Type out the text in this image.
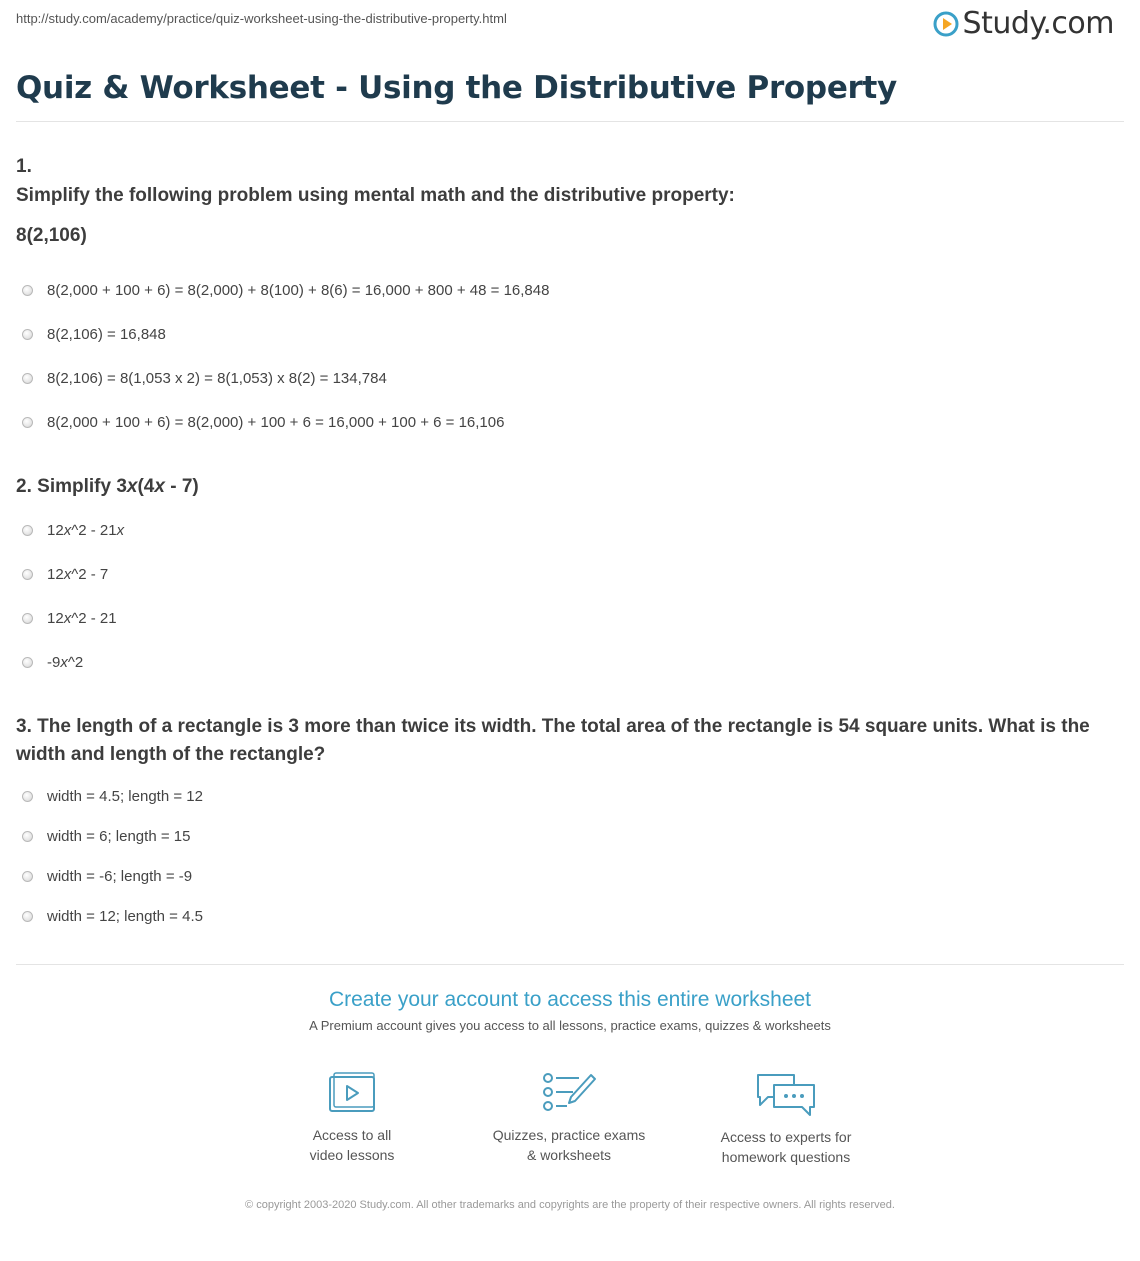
http://study.com/academy/practice/quiz-worksheet-using-the-distributive-property.html	Study.com
Quiz & Worksheet - Using the Distributive Property
1.
Simplify the following problem using mental math and the distributive property:
8(2,106)
8(2,000 + 100 + 6) = 8(2,000) + 8(100) + 8(6) = 16,000 + 800 + 48 = 16,848
8(2,106) = 16,848
8(2,106) = 8(1,053 x 2) = 8(1,053) x 8(2) = 134,784
8(2,000 + 100 + 6) = 8(2,000) + 100 + 6 = 16,000 + 100 + 6 = 16,106
2. Simplify 3x(4x - 7)
12x^2 - 21x
12x^2 - 7
12x^2 - 21
-9x^2
3. The length of a rectangle is 3 more than twice its width. The total area of the rectangle is 54 square units. What is the width and length of the rectangle?
width = 4.5; length = 12
width = 6; length = 15
width = -6; length = -9
width = 12; length = 4.5
Create your account to access this entire worksheet
A Premium account gives you access to all lessons, practice exams, quizzes & worksheets
Access to all
video lessons
Quizzes, practice exams
& worksheets
Access to experts for
homework questions
© copyright 2003-2020 Study.com. All other trademarks and copyrights are the property of their respective owners. All rights reserved.
